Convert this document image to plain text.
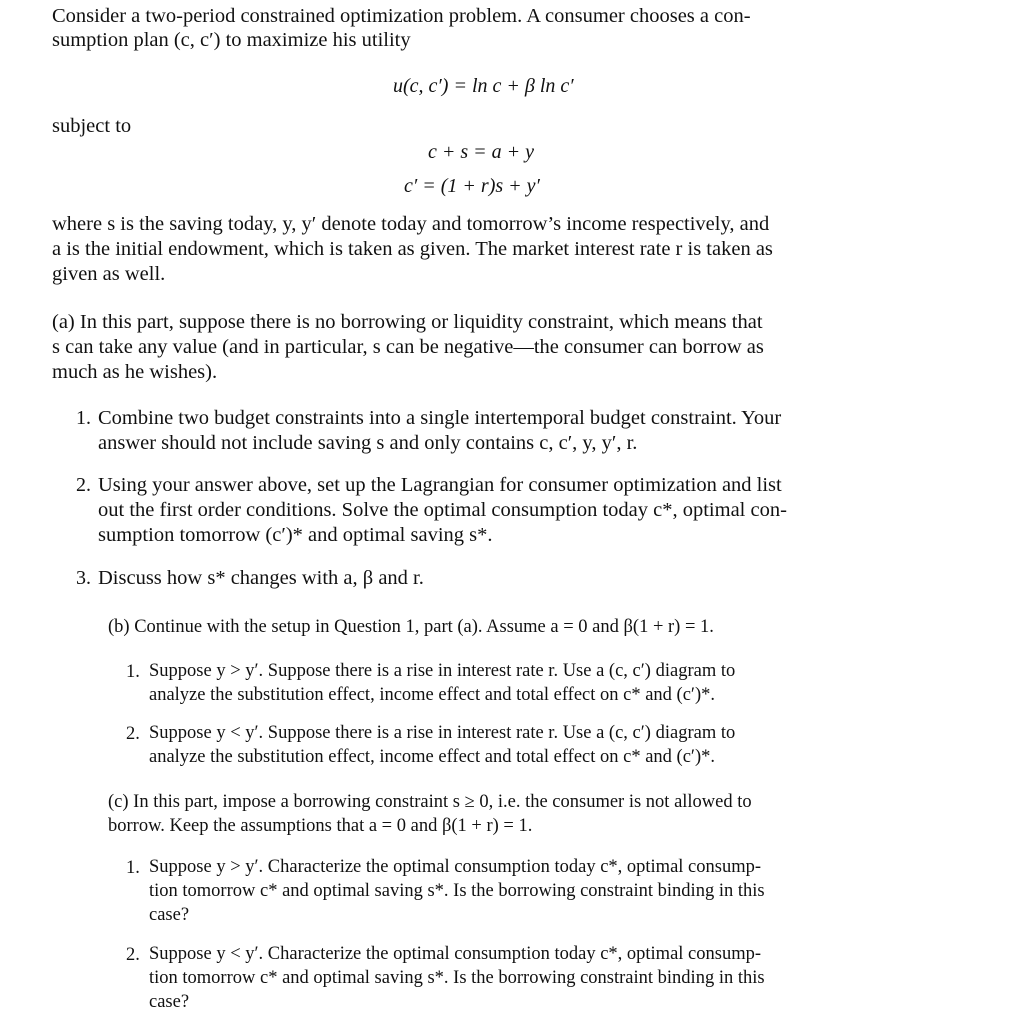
Consider a two-period constrained optimization problem. A consumer chooses a con-

sumption plan (c, c′) to maximize his utility

u(c, c′) = ln c + β ln c′

subject to

c + s = a + y

c′ = (1 + r)s + y′

where s is the saving today, y, y′ denote today and tomorrow’s income respectively, and

a is the initial endowment, which is taken as given. The market interest rate r is taken as

given as well.

(a) In this part, suppose there is no borrowing or liquidity constraint, which means that

s can take any value (and in particular, s can be negative—the consumer can borrow as

much as he wishes).

1. Combine two budget constraints into a single intertemporal budget constraint. Your

answer should not include saving s and only contains c, c′, y, y′, r.

2. Using your answer above, set up the Lagrangian for consumer optimization and list

out the first order conditions. Solve the optimal consumption today c*, optimal con-

sumption tomorrow (c′)* and optimal saving s*.

3. Discuss how s* changes with a, β and r.

(b) Continue with the setup in Question 1, part (a). Assume a = 0 and β(1 + r) = 1.

1. Suppose y > y′. Suppose there is a rise in interest rate r. Use a (c, c′) diagram to

analyze the substitution effect, income effect and total effect on c* and (c′)*.

2. Suppose y < y′. Suppose there is a rise in interest rate r. Use a (c, c′) diagram to

analyze the substitution effect, income effect and total effect on c* and (c′)*.

(c) In this part, impose a borrowing constraint s ≥ 0, i.e. the consumer is not allowed to

borrow. Keep the assumptions that a = 0 and β(1 + r) = 1.

1. Suppose y > y′. Characterize the optimal consumption today c*, optimal consump-

tion tomorrow c* and optimal saving s*. Is the borrowing constraint binding in this

case?

2. Suppose y < y′. Characterize the optimal consumption today c*, optimal consump-

tion tomorrow c* and optimal saving s*. Is the borrowing constraint binding in this

case?
